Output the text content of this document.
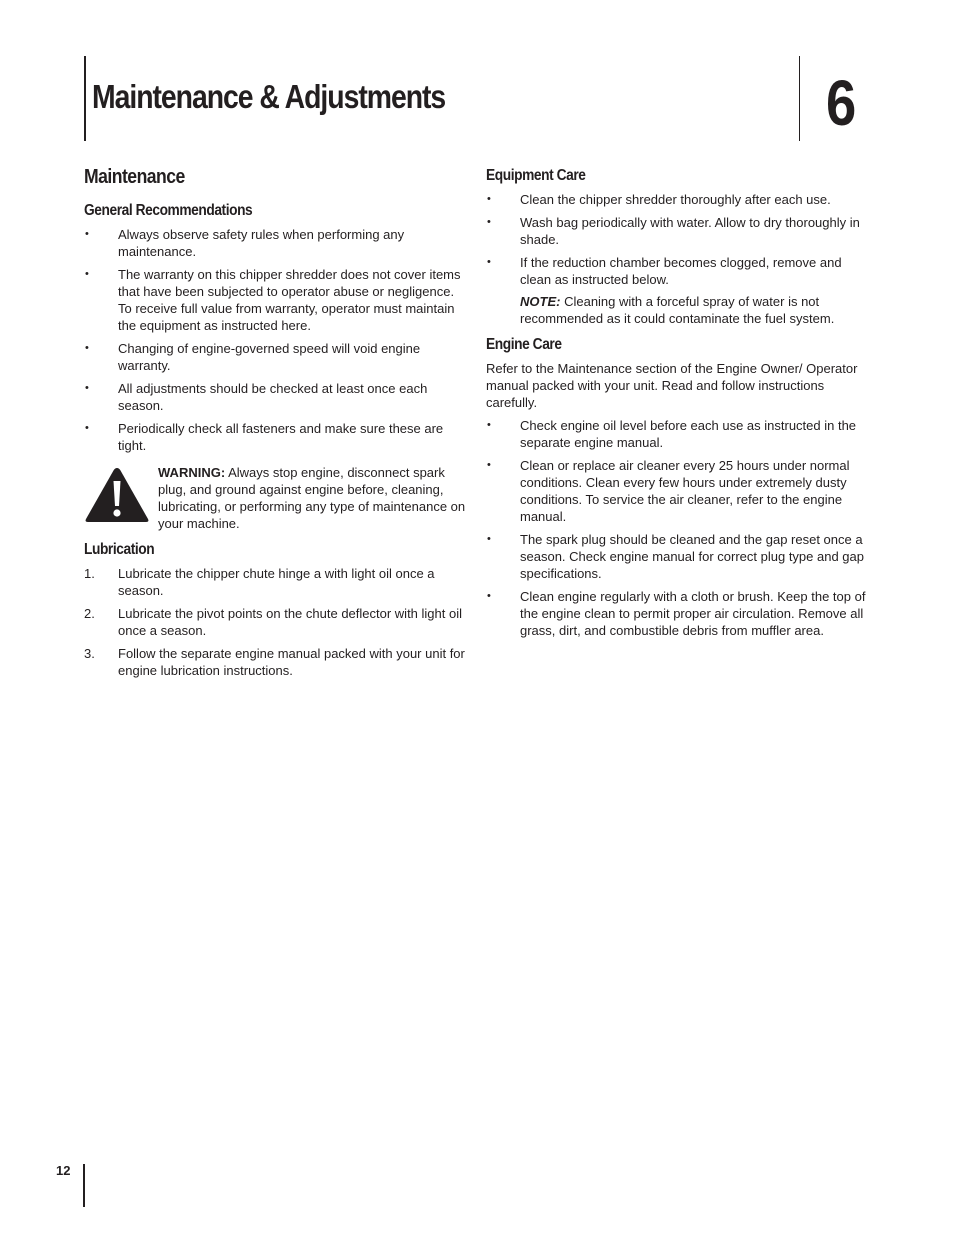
Maintenance & Adjustments	6
Maintenance
General Recommendations
• Always observe safety rules when performing any maintenance.
• The warranty on this chipper shredder does not cover items that have been subjected to operator abuse or negligence. To receive full value from warranty, operator must maintain the equipment as instructed here.
• Changing of engine-governed speed will void engine warranty.
• All adjustments should be checked at least once each season.
• Periodically check all fasteners and make sure these are tight.
WARNING: Always stop engine, disconnect spark plug, and ground against engine before, cleaning, lubricating, or performing any type of maintenance on your machine.
Lubrication
1. Lubricate the chipper chute hinge a with light oil once a season.
2. Lubricate the pivot points on the chute deflector with light oil once a season.
3. Follow the separate engine manual packed with your unit for engine lubrication instructions.
Equipment Care
• Clean the chipper shredder thoroughly after each use.
• Wash bag periodically with water. Allow to dry thoroughly in shade.
• If the reduction chamber becomes clogged, remove and clean as instructed below.
NOTE: Cleaning with a forceful spray of water is not recommended as it could contaminate the fuel system.
Engine Care

Refer to the Maintenance section of the Engine Owner/ Operator manual packed with your unit. Read and follow instructions carefully.

• Check engine oil level before each use as instructed in the separate engine manual.
• Clean or replace air cleaner every 25 hours under normal conditions. Clean every few hours under extremely dusty conditions. To service the air cleaner, refer to the engine manual.
• The spark plug should be cleaned and the gap reset once a season. Check engine manual for correct plug type and gap specifications.
• Clean engine regularly with a cloth or brush. Keep the top of the engine clean to permit proper air circulation. Remove all grass, dirt, and combustible debris from muffler area.
12
